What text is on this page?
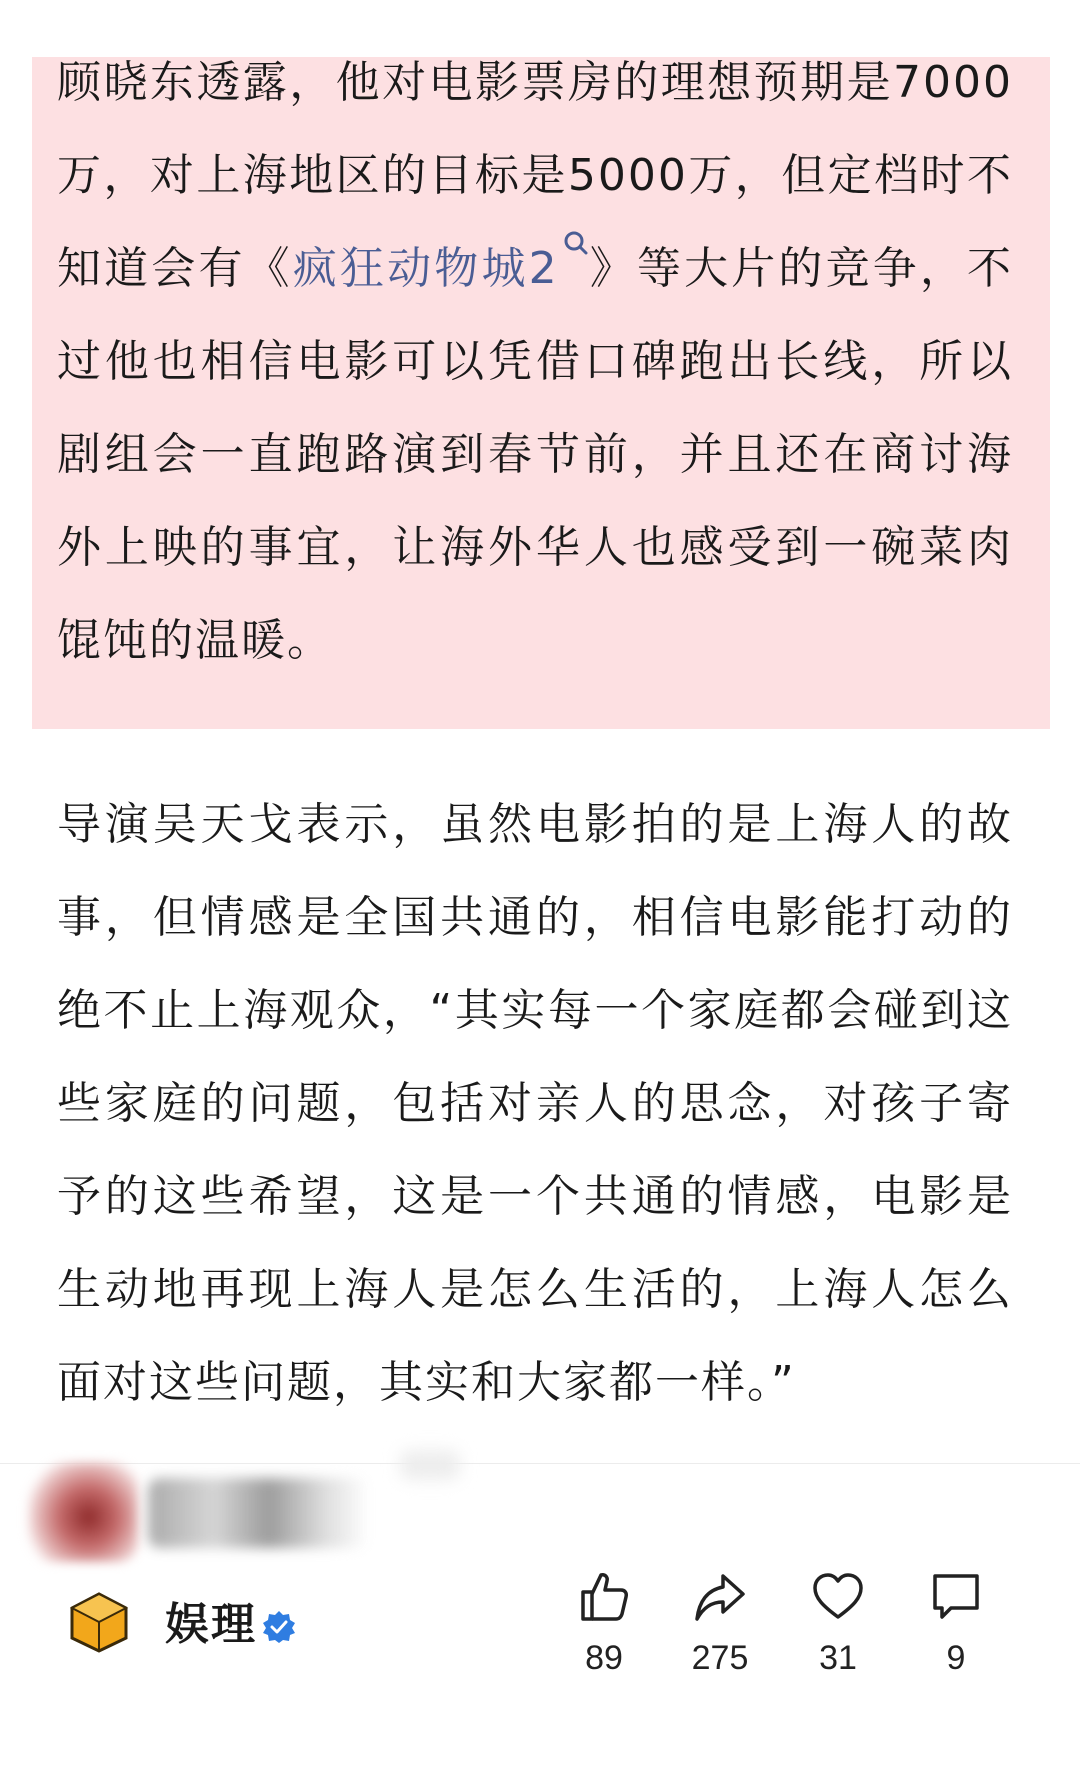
顾晓东透露，他对电影票房的理想预期是7000万，对上海地区的目标是5000万，但定档时不知道会有《疯狂动物城2 》等大片的竞争，不过他也相信电影可以凭借口碑跑出长线，所以剧组会一直跑路演到春节前，并且还在商讨海外上映的事宜，让海外华人也感受到一碗菜肉馄饨的温暖。

导演吴天戈表示，虽然电影拍的是上海人的故事，但情感是全国共通的，相信电影能打动的绝不止上海观众，“其实每一个家庭都会碰到这些家庭的问题，包括对亲人的思念，对孩子寄予的这些希望，这是一个共通的情感，电影是生动地再现上海人是怎么生活的，上海人怎么面对这些问题，其实和大家都一样。”

娱理
89	275	31	9
